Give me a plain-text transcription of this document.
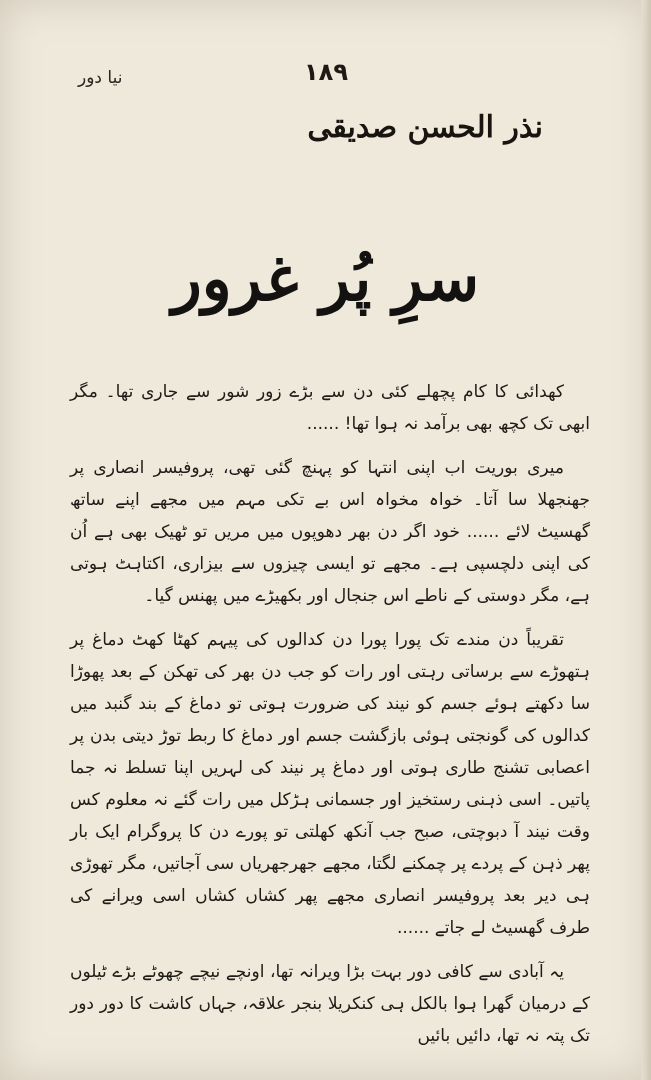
۱۸۹
نیا دور
نذر الحسن صدیقی
سرِ پُر غرور

کھدائی کا کام پچھلے کئی دن سے بڑے زور شور سے جاری تھا۔ مگر ابھی تک کچھ بھی برآمد نہ ہوا تھا! ......

میری بوریت اب اپنی انتہا کو پہنچ گئی تھی، پروفیسر انصاری پر جھنجھلا سا آتا۔ خواہ مخواہ اس بے تکی مہم میں مجھے اپنے ساتھ گھسیٹ لائے ...... خود اگر دن بھر دھوپوں میں مریں تو ٹھیک بھی ہے اُن کی اپنی دلچسپی ہے۔ مجھے تو ایسی چیزوں سے بیزاری، اکتاہٹ ہوتی ہے، مگر دوستی کے ناطے اس جنجال اور بکھیڑے میں پھنس گیا۔

تقریباً دن مندے تک پورا پورا دن کدالوں کی پیہم کھٹا کھٹ دماغ پر ہتھوڑے سے برساتی رہتی اور رات کو جب دن بھر کی تھکن کے بعد پھوڑا سا دکھتے ہوئے جسم کو نیند کی ضرورت ہوتی تو دماغ کے بند گنبد میں کدالوں کی گونجتی ہوئی بازگشت جسم اور دماغ کا ربط توڑ دیتی بدن پر اعصابی تشنج طاری ہوتی اور دماغ پر نیند کی لہریں اپنا تسلط نہ جما پاتیں۔ اسی ذہنی رستخیز اور جسمانی ہڑکل میں رات گئے نہ معلوم کس وقت نیند آ دبوچتی، صبح جب آنکھ کھلتی تو پورے دن کا پروگرام ایک بار پھر ذہن کے پردے پر چمکنے لگتا، مجھے جھرجھریاں سی آجاتیں، مگر تھوڑی ہی دیر بعد پروفیسر انصاری مجھے پھر کشاں کشاں اسی ویرانے کی طرف گھسیٹ لے جاتے ......

یہ آبادی سے کافی دور بہت بڑا ویرانہ تھا، اونچے نیچے چھوٹے بڑے ٹیلوں کے درمیان گھرا ہوا بالکل ہی کنکریلا بنجر علاقہ، جہاں کاشت کا دور دور تک پتہ نہ تھا، دائیں بائیں
